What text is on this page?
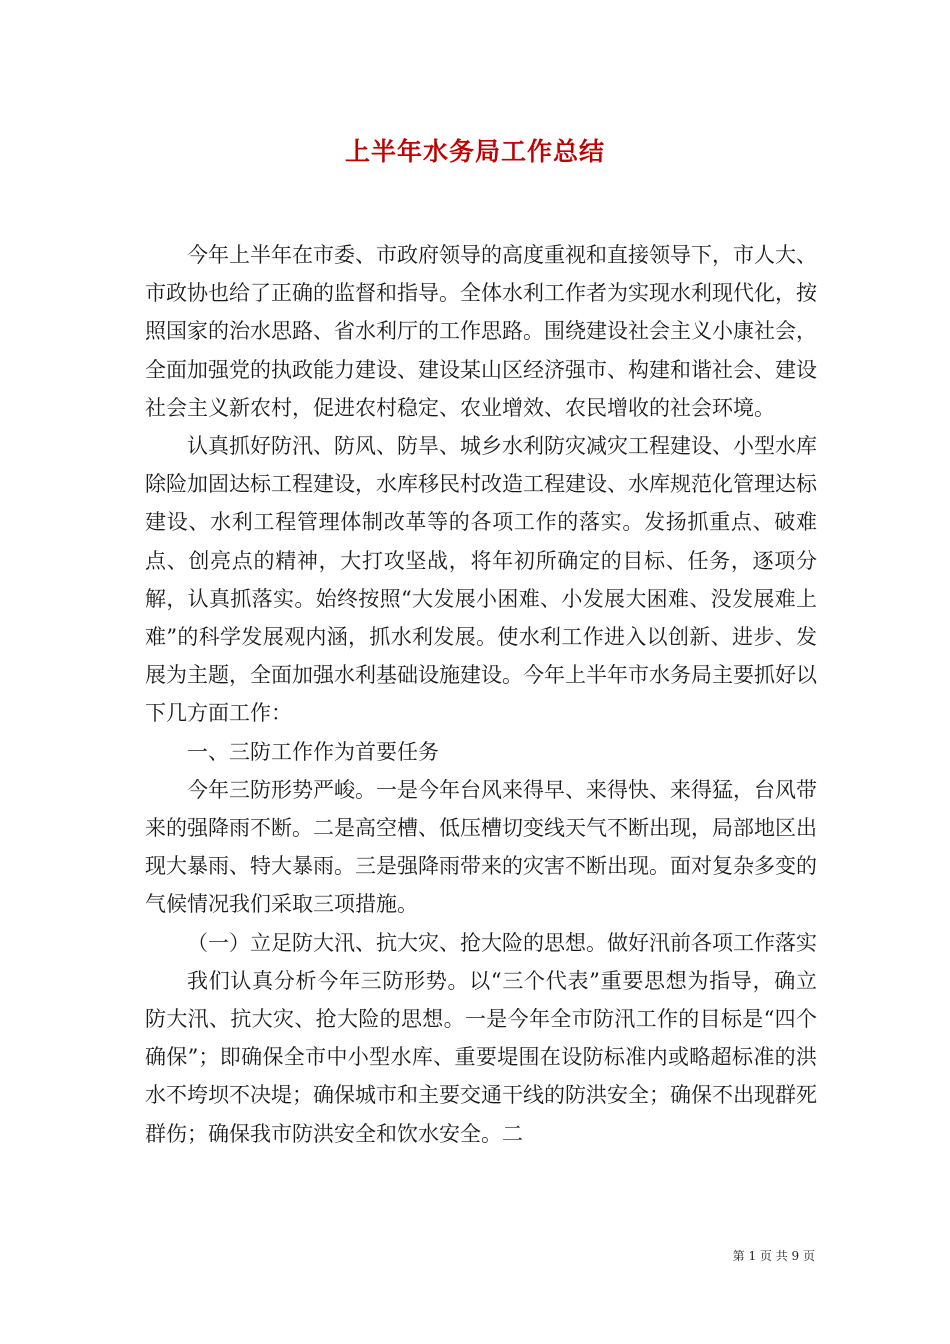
上半年水务局工作总结

今年上半年在市委、市政府领导的高度重视和直接领导下，市人大、市政协也给了正确的监督和指导。全体水利工作者为实现水利现代化，按照国家的治水思路、省水利厅的工作思路。围绕建设社会主义小康社会，全面加强党的执政能力建设、建设某山区经济强市、构建和谐社会、建设社会主义新农村，促进农村稳定、农业增效、农民增收的社会环境。

认真抓好防汛、防风、防旱、城乡水利防灾减灾工程建设、小型水库除险加固达标工程建设，水库移民村改造工程建设、水库规范化管理达标建设、水利工程管理体制改革等的各项工作的落实。发扬抓重点、破难点、创亮点的精神，大打攻坚战，将年初所确定的目标、任务，逐项分解，认真抓落实。始终按照“大发展小困难、小发展大困难、没发展难上难”的科学发展观内涵，抓水利发展。使水利工作进入以创新、进步、发展为主题，全面加强水利基础设施建设。今年上半年市水务局主要抓好以下几方面工作：

一、三防工作作为首要任务

今年三防形势严峻。一是今年台风来得早、来得快、来得猛，台风带来的强降雨不断。二是高空槽、低压槽切变线天气不断出现，局部地区出现大暴雨、特大暴雨。三是强降雨带来的灾害不断出现。面对复杂多变的气候情况我们采取三项措施。

（一）立足防大汛、抗大灾、抢大险的思想。做好汛前各项工作落实

我们认真分析今年三防形势。以“三个代表”重要思想为指导，确立防大汛、抗大灾、抢大险的思想。一是今年全市防汛工作的目标是“四个确保”；即确保全市中小型水库、重要堤围在设防标准内或略超标准的洪水不垮坝不决堤；确保城市和主要交通干线的防洪安全；确保不出现群死群伤；确保我市防洪安全和饮水安全。二

第 1 页 共 9 页
